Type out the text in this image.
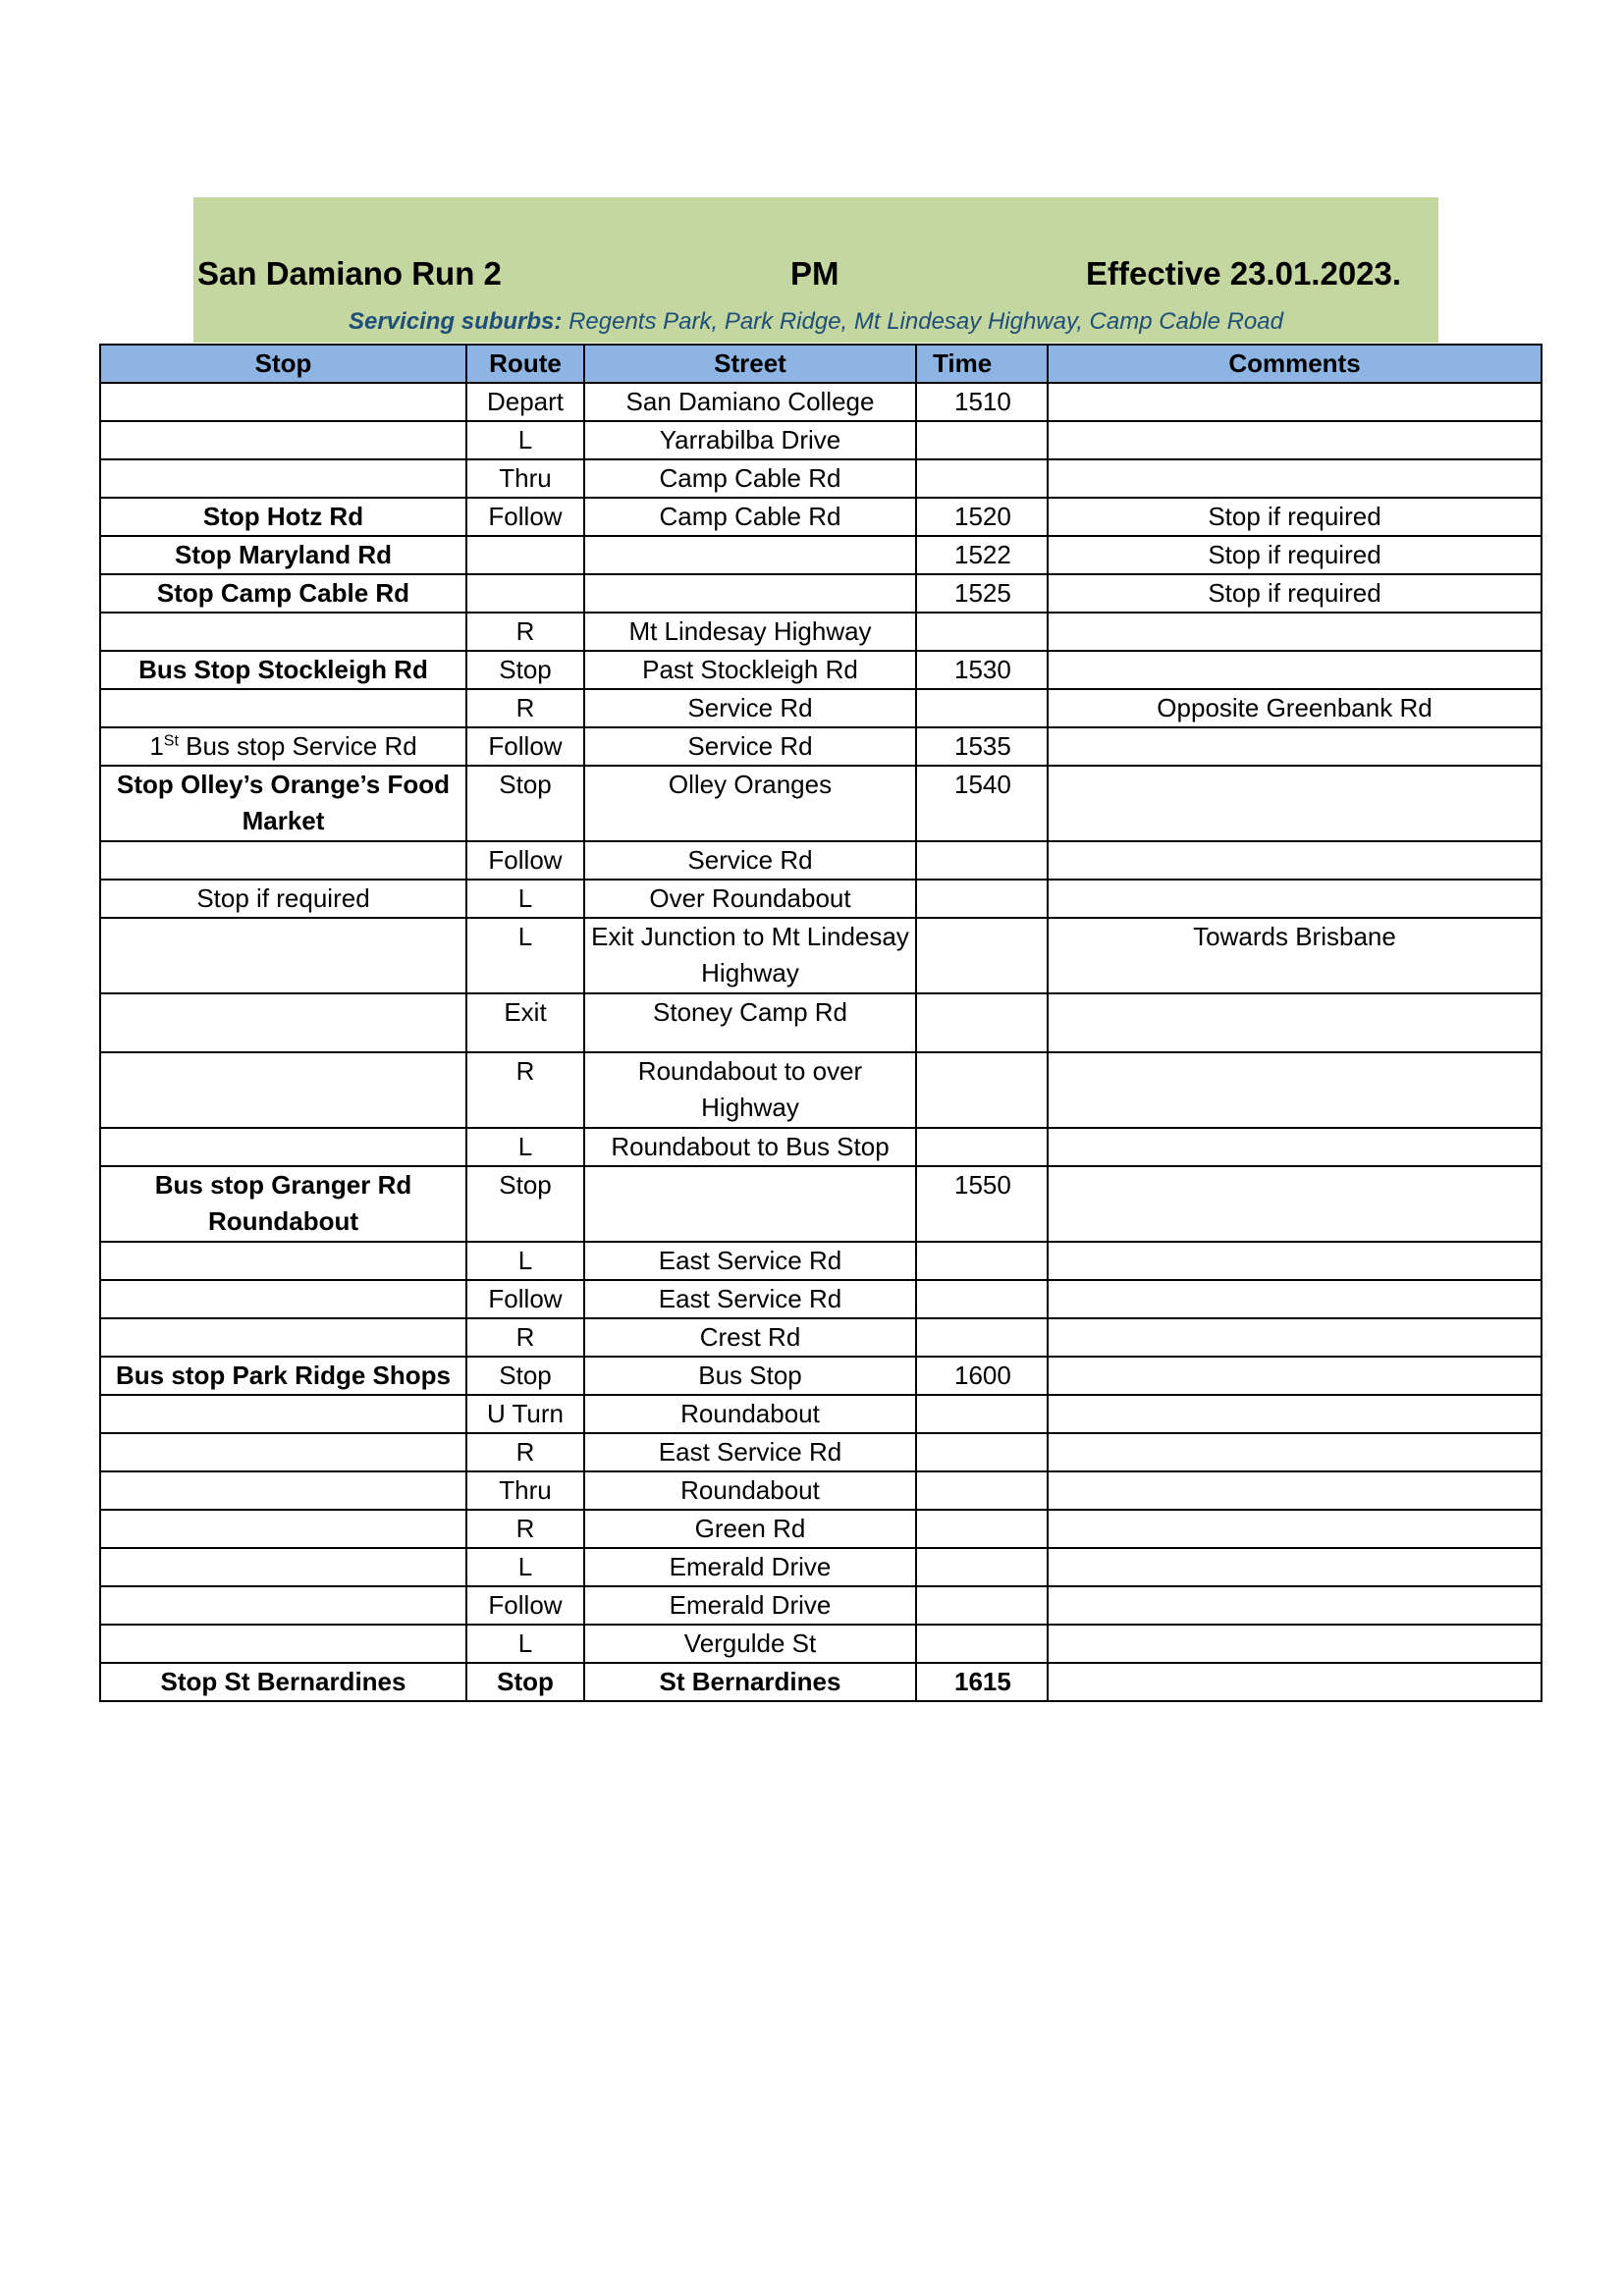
San Damiano Run 2	PM	Effective 23.01.2023.
Servicing suburbs: Regents Park, Park Ridge, Mt Lindesay Highway, Camp Cable Road
Stop	Route	Street	Time	Comments
	Depart	San Damiano College	1510	
	L	Yarrabilba Drive		
	Thru	Camp Cable Rd		
Stop Hotz Rd	Follow	Camp Cable Rd	1520	Stop if required
Stop Maryland Rd			1522	Stop if required
Stop Camp Cable Rd			1525	Stop if required
	R	Mt Lindesay Highway		
Bus Stop Stockleigh Rd	Stop	Past Stockleigh Rd	1530	
	R	Service Rd		Opposite Greenbank Rd
1St Bus stop Service Rd	Follow	Service Rd	1535	
Stop Olley’s Orange’s Food Market	Stop	Olley Oranges	1540	
	Follow	Service Rd		
Stop if required	L	Over Roundabout		
	L	Exit Junction to Mt Lindesay Highway		Towards Brisbane
	Exit	Stoney Camp Rd		
	R	Roundabout to over Highway		
	L	Roundabout to Bus Stop		
Bus stop Granger Rd Roundabout	Stop		1550	
	L	East Service Rd		
	Follow	East Service Rd		
	R	Crest Rd		
Bus stop Park Ridge Shops	Stop	Bus Stop	1600	
	U Turn	Roundabout		
	R	East Service Rd		
	Thru	Roundabout		
	R	Green Rd		
	L	Emerald Drive		
	Follow	Emerald Drive		
	L	Vergulde St		
Stop St Bernardines	Stop	St Bernardines	1615	
